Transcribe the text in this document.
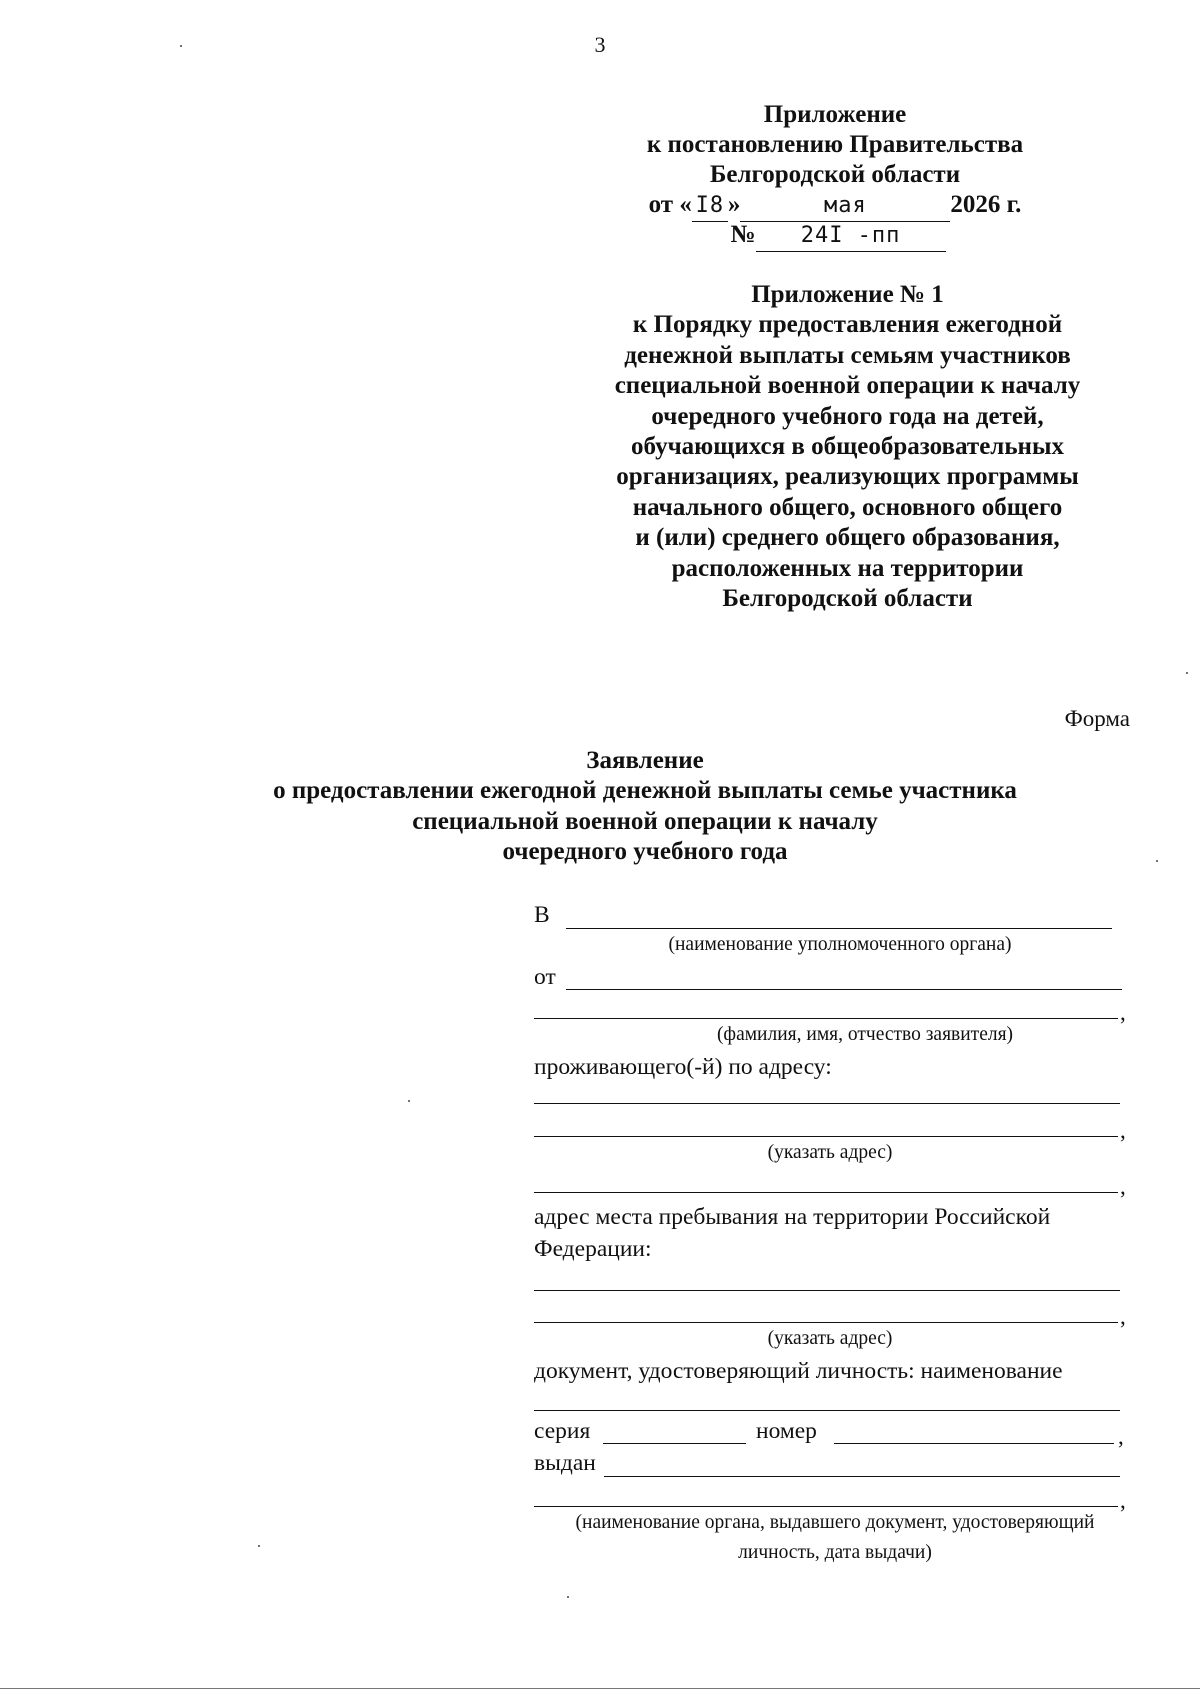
3
Приложение
к постановлению Правительства
Белгородской области
от « I8 »	мая	2026 г.
№ 24I -пп
Приложение № 1
к Порядку предоставления ежегодной
денежной выплаты семьям участников
специальной военной операции к началу
очередного учебного года на детей,
обучающихся в общеобразовательных
организациях, реализующих программы
начального общего, основного общего
и (или) среднего общего образования,
расположенных на территории
Белгородской области
Форма
Заявление
о предоставлении ежегодной денежной выплаты семье участника
специальной военной операции к началу
очередного учебного года
В
(наименование уполномоченного органа)
от
,
(фамилия, имя, отчество заявителя)
проживающего(-й) по адресу:
,
(указать адрес)
,
адрес места пребывания на территории Российской
Федерации:
,
(указать адрес)
документ, удостоверяющий личность: наименование
серия	номер	,
выдан
,
(наименование органа, выдавшего документ, удостоверяющий
личность, дата выдачи)
